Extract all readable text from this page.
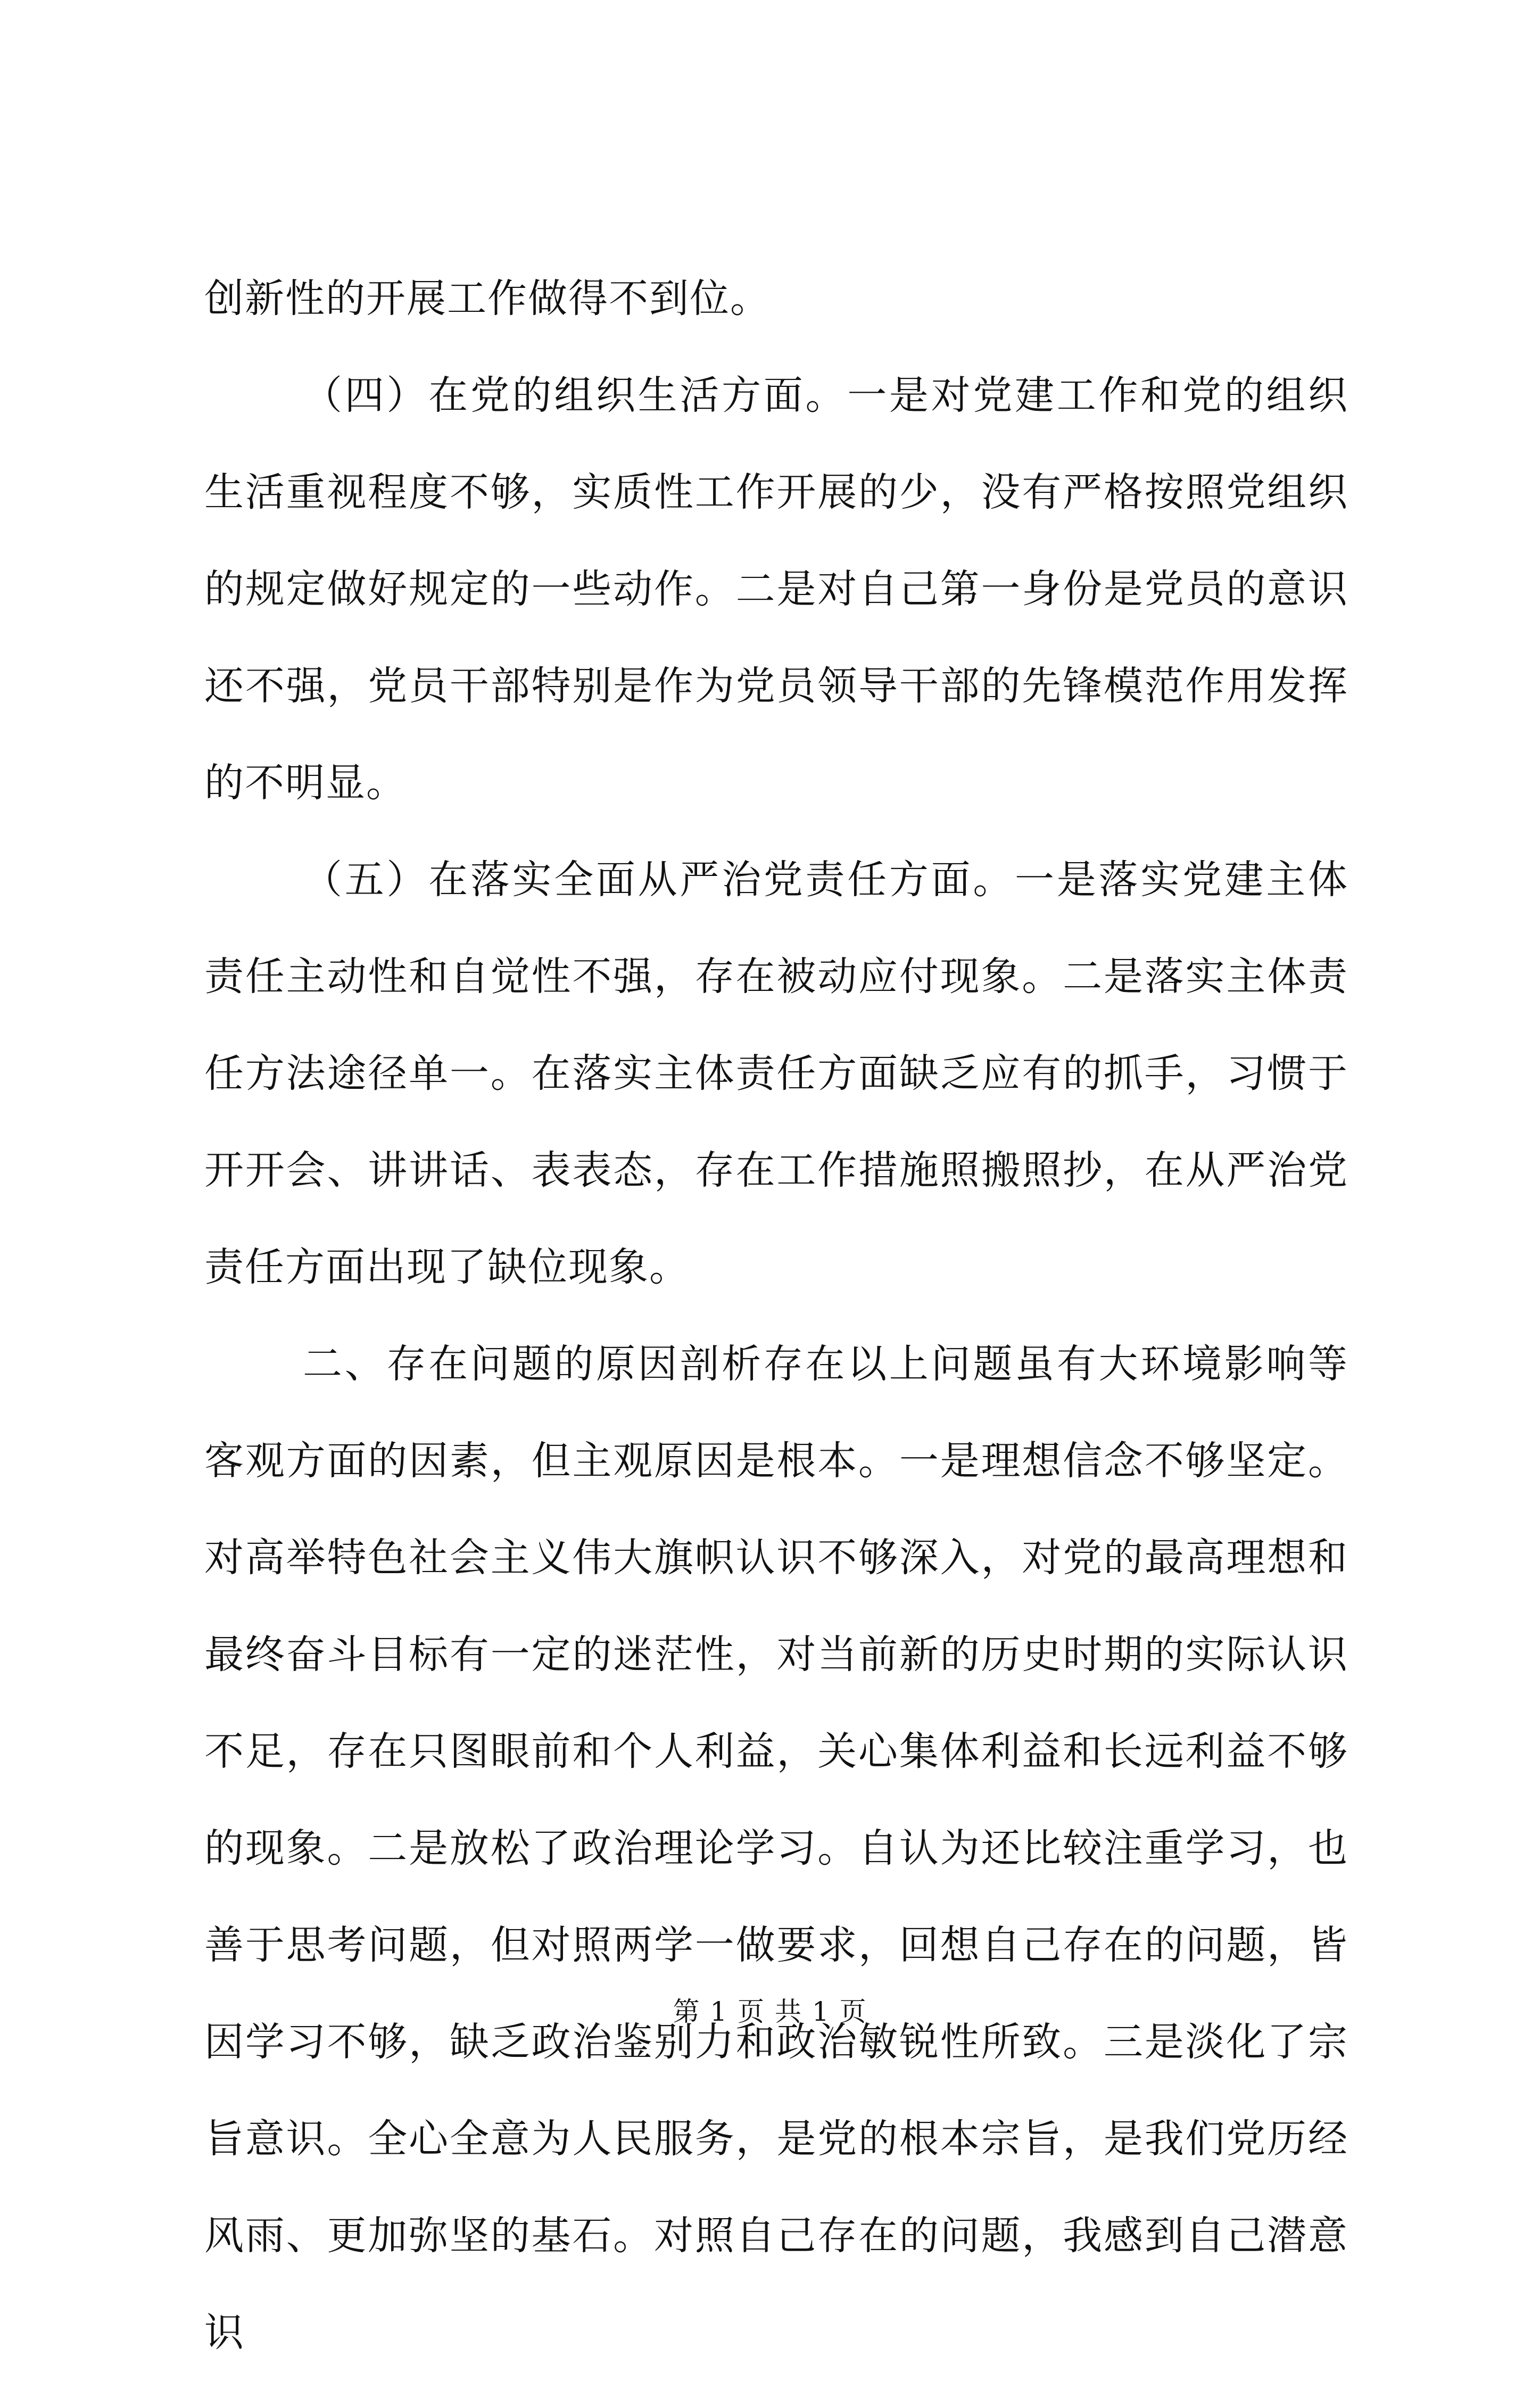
创新性的开展工作做得不到位。

（四）在党的组织生活方面。一是对党建工作和党的组织生活重视程度不够，实质性工作开展的少，没有严格按照党组织的规定做好规定的一些动作。二是对自己第一身份是党员的意识还不强，党员干部特别是作为党员领导干部的先锋模范作用发挥的不明显。

（五）在落实全面从严治党责任方面。一是落实党建主体责任主动性和自觉性不强，存在被动应付现象。二是落实主体责任方法途径单一。在落实主体责任方面缺乏应有的抓手，习惯于开开会、讲讲话、表表态，存在工作措施照搬照抄，在从严治党责任方面出现了缺位现象。

二、存在问题的原因剖析存在以上问题虽有大环境影响等客观方面的因素，但主观原因是根本。一是理想信念不够坚定。对高举特色社会主义伟大旗帜认识不够深入，对党的最高理想和最终奋斗目标有一定的迷茫性，对当前新的历史时期的实际认识不足，存在只图眼前和个人利益，关心集体利益和长远利益不够的现象。二是放松了政治理论学习。自认为还比较注重学习，也善于思考问题，但对照两学一做要求，回想自己存在的问题，皆因学习不够，缺乏政治鉴别力和政治敏锐性所致。三是淡化了宗旨意识。全心全意为人民服务，是党的根本宗旨，是我们党历经风雨、更加弥坚的基石。对照自己存在的问题，我感到自己潜意识

第 1 页 共 1 页
